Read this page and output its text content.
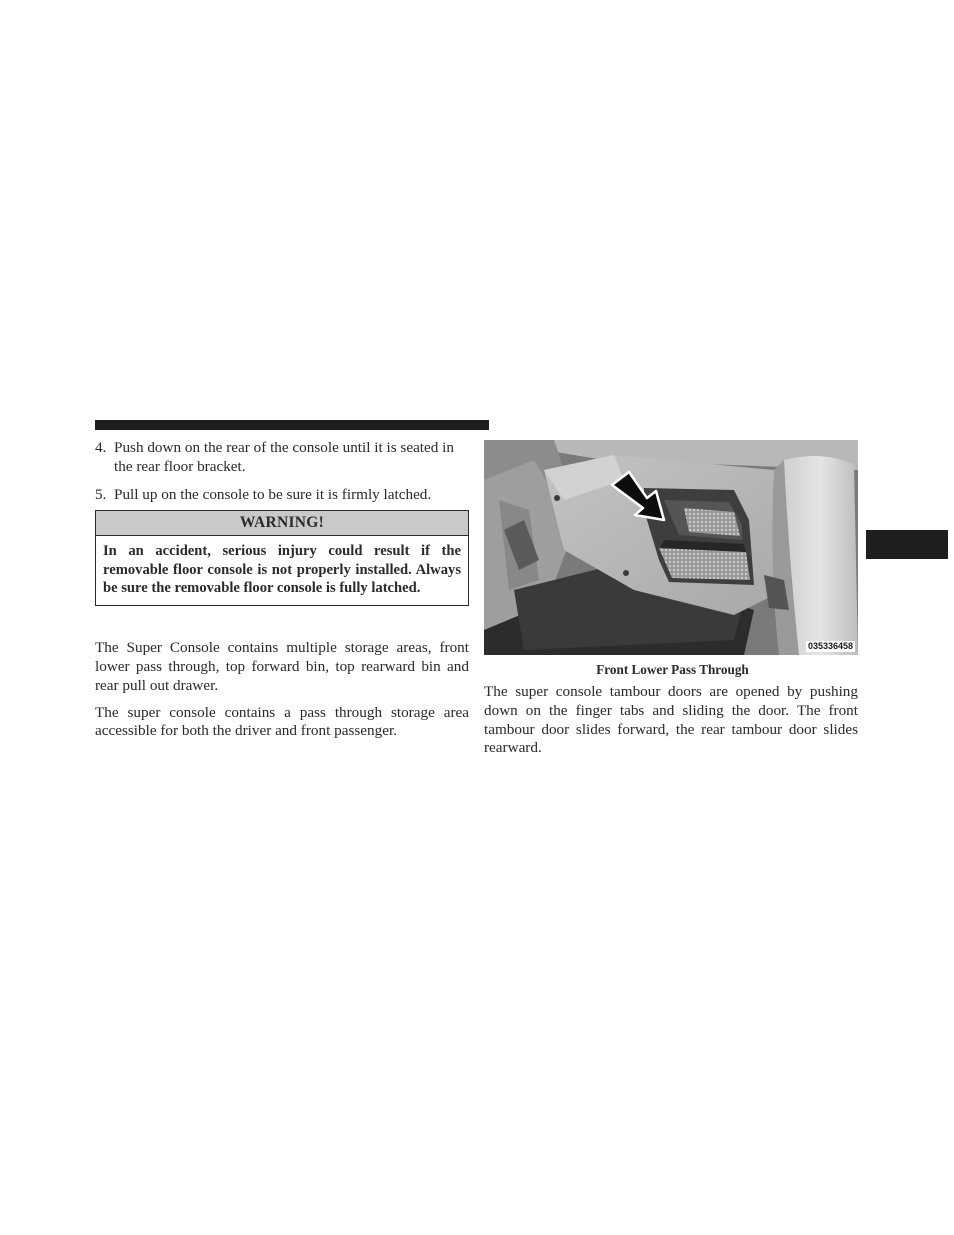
4. Push down on the rear of the console until it is seated in the rear floor bracket.
5. Pull up on the console to be sure it is firmly latched.
WARNING!
In an accident, serious injury could result if the removable floor console is not properly installed. Always be sure the removable floor console is fully latched.

The Super Console contains multiple storage areas, front lower pass through, top forward bin, top rearward bin and rear pull out drawer.

The super console contains a pass through storage area accessible for both the driver and front passenger.

035336458
Front Lower Pass Through

The super console tambour doors are opened by pushing down on the finger tabs and sliding the door. The front tambour door slides forward, the rear tambour door slides rearward.
